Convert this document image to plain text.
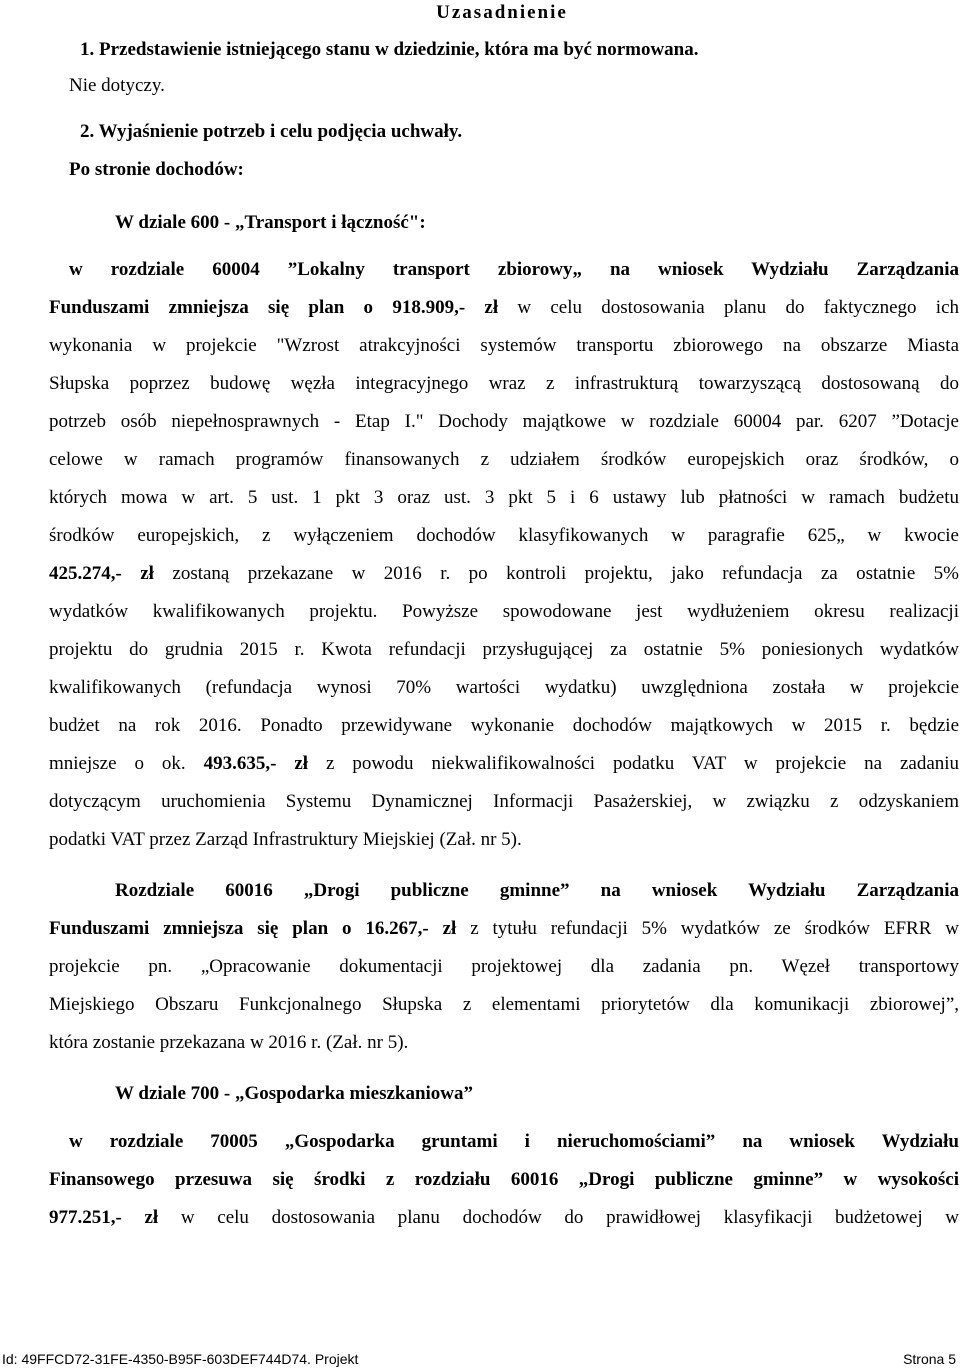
Uzasadnienie
1. Przedstawienie istniejącego stanu w dziedzinie, która ma być normowana.
Nie dotyczy.
2. Wyjaśnienie potrzeb i celu podjęcia uchwały.
Po stronie dochodów:
W dziale 600 - „Transport i łączność":
w rozdziale 60004 ”Lokalny transport zbiorowy„ na wniosek Wydziału Zarządzania
Funduszami zmniejsza się plan o 918.909,- zł w celu dostosowania planu do faktycznego ich
wykonania w projekcie "Wzrost atrakcyjności systemów transportu zbiorowego na obszarze Miasta
Słupska poprzez budowę węzła integracyjnego wraz z infrastrukturą towarzyszącą dostosowaną do
potrzeb osób niepełnosprawnych - Etap I." Dochody majątkowe w rozdziale 60004 par. 6207 ”Dotacje
celowe w ramach programów finansowanych z udziałem środków europejskich oraz środków, o
których mowa w art. 5 ust. 1 pkt 3 oraz ust. 3 pkt 5 i 6 ustawy lub płatności w ramach budżetu
środków europejskich, z wyłączeniem dochodów klasyfikowanych w paragrafie 625„ w kwocie
425.274,- zł zostaną przekazane w 2016 r. po kontroli projektu, jako refundacja za ostatnie 5%
wydatków kwalifikowanych projektu. Powyższe spowodowane jest wydłużeniem okresu realizacji
projektu do grudnia 2015 r. Kwota refundacji przysługującej za ostatnie 5% poniesionych wydatków
kwalifikowanych (refundacja wynosi 70% wartości wydatku) uwzględniona została w projekcie
budżet na rok 2016. Ponadto przewidywane wykonanie dochodów majątkowych w 2015 r. będzie
mniejsze o ok. 493.635,- zł z powodu niekwalifikowalności podatku VAT w projekcie na zadaniu
dotyczącym uruchomienia Systemu Dynamicznej Informacji Pasażerskiej, w związku z odzyskaniem
podatki VAT przez Zarząd Infrastruktury Miejskiej (Zał. nr 5).
Rozdziale 60016 „Drogi publiczne gminne” na wniosek Wydziału Zarządzania
Funduszami zmniejsza się plan o 16.267,- zł z tytułu refundacji 5% wydatków ze środków EFRR w
projekcie pn. „Opracowanie dokumentacji projektowej dla zadania pn. Węzeł transportowy
Miejskiego Obszaru Funkcjonalnego Słupska z elementami priorytetów dla komunikacji zbiorowej”,
która zostanie przekazana w 2016 r. (Zał. nr 5).
W dziale 700 - „Gospodarka mieszkaniowa”
w rozdziale 70005 „Gospodarka gruntami i nieruchomościami” na wniosek Wydziału
Finansowego przesuwa się środki z rozdziału 60016 „Drogi publiczne gminne” w wysokości
977.251,- zł w celu dostosowania planu dochodów do prawidłowej klasyfikacji budżetowej w
Id: 49FFCD72-31FE-4350-B95F-603DEF744D74. Projekt	Strona 5
